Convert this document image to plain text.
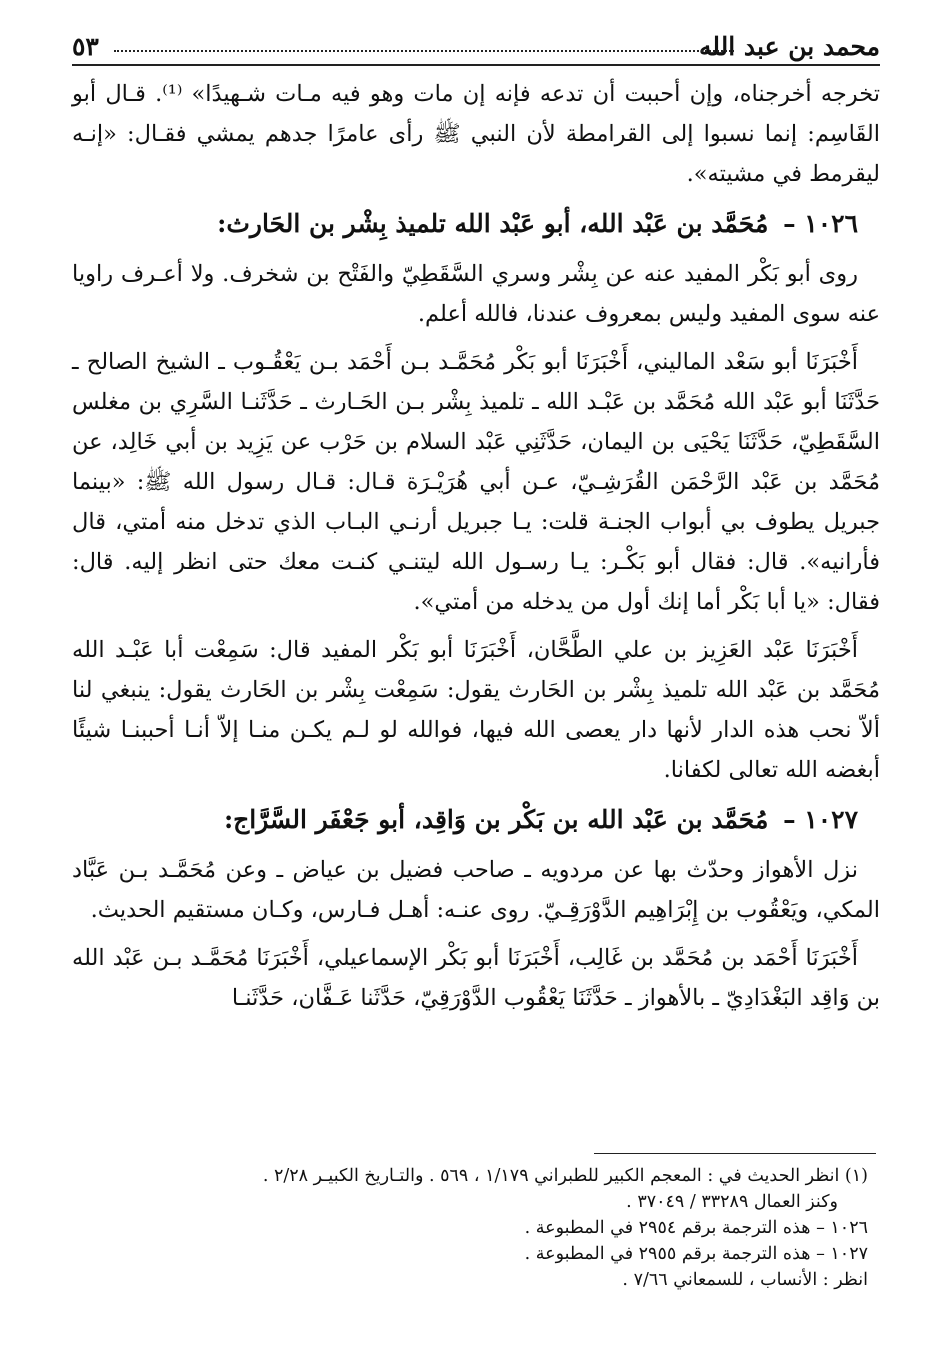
محمد بن عبد الله
٥٣

تخرجه أخرجناه، وإن أحببت أن تدعه فإنه إن مات وهو فيه مـات شـهيدًا» ⁽¹⁾. قـال أبو القَاسِم: إنما نسبوا إلى القرامطة لأن النبي ﷺ رأى عامرًا جدهم يمشي فقـال: «إنـه ليقرمط في مشيته».

١٠٢٦ – مُحَمَّد بن عَبْد الله، أبو عَبْد الله تلميذ بِشْر بن الحَارث:

روى أبو بَكْر المفيد عنه عن بِشْر وسري السَّقَطِيّ والفَتْح بن شخرف. ولا أعـرف راويا عنه سوى المفيد وليس بمعروف عندنا، فالله أعلم.

أَخْبَرَنَا أبو سَعْد الماليني، أَخْبَرَنَا أبو بَكْر مُحَمَّـد بـن أَحْمَد بـن يَعْقُـوب ـ الشيخ الصالح ـ حَدَّثَنَا أبو عَبْد الله مُحَمَّد بن عَبْـد الله ـ تلميذ بِشْر بـن الحَـارث ـ حَدَّثَنـا السَّرِي بن مغلس السَّقَطِيّ، حَدَّثَنَا يَحْيَى بن اليمان، حَدَّثَنِي عَبْد السلام بن حَرْب عن يَزِيد بن أبي خَالِد، عن مُحَمَّد بن عَبْد الرَّحْمَن القُرَشِـيّ، عـن أبي هُرَيْـرَة قـال: قـال رسول الله ﷺ: «بينما جبريل يطوف بي أبواب الجنـة قلت: يـا جبريل أرنـي البـاب الذي تدخل منه أمتي، قال فأرانيه». قال: فقال أبو بَكْـر: يـا رسـول الله ليتنـي كنـت معك حتى انظر إليه. قال: فقال: «يا أبا بَكْر أما إنك أول من يدخله من أمتي».

أَخْبَرَنَا عَبْد العَزِيز بن علي الطَّحَّان، أَخْبَرَنَا أبو بَكْر المفيد قال: سَمِعْت أبا عَبْـد الله مُحَمَّد بن عَبْد الله تلميذ بِشْر بن الحَارث يقول: سَمِعْت بِشْر بن الحَارث يقول: ينبغي لنا ألاّ نحب هذه الدار لأنها دار يعصى الله فيها، فوالله لو لـم يكـن منـا إلاّ أنـا أحببنـا شيئًا أبغضه الله تعالى لكفانا.

١٠٢٧ – مُحَمَّد بن عَبْد الله بن بَكْر بن وَاقِد، أبو جَعْفَر السَّرَّاج:

نزل الأهواز وحدّث بها عن مردويه ـ صاحب فضيل بن عياض ـ وعن مُحَمَّـد بـن عَبَّاد المكي، ويَعْقُوب بن إِبْرَاهِيم الدَّوْرَقِـيّ. روى عنـه: أهـل فـارس، وكـان مستقيم الحديث.

أَخْبَرَنَا أَحْمَد بن مُحَمَّد بن غَالِب، أَخْبَرَنَا أبو بَكْر الإسماعيلي، أَخْبَرَنَا مُحَمَّـد بـن عَبْد الله بن وَاقِد البَغْدَادِيّ ـ بالأهواز ـ حَدَّثَنَا يَعْقُوب الدَّوْرَقِيّ، حَدَّثَنا عَـفَّان، حَدَّثَنـا

(١) انظر الحديث في : المعجم الكبير للطبراني ١/١٧٩ ، ٥٦٩ . والتـاريخ الكبيـر ٢/٢٨ .

وكنز العمال ٣٣٢٨٩ / ٣٧٠٤٩ .

١٠٢٦ – هذه الترجمة برقم ٢٩٥٤ في المطبوعة .

١٠٢٧ – هذه الترجمة برقم ٢٩٥٥ في المطبوعة .

انظر : الأنساب ، للسمعاني ٧/٦٦ .
